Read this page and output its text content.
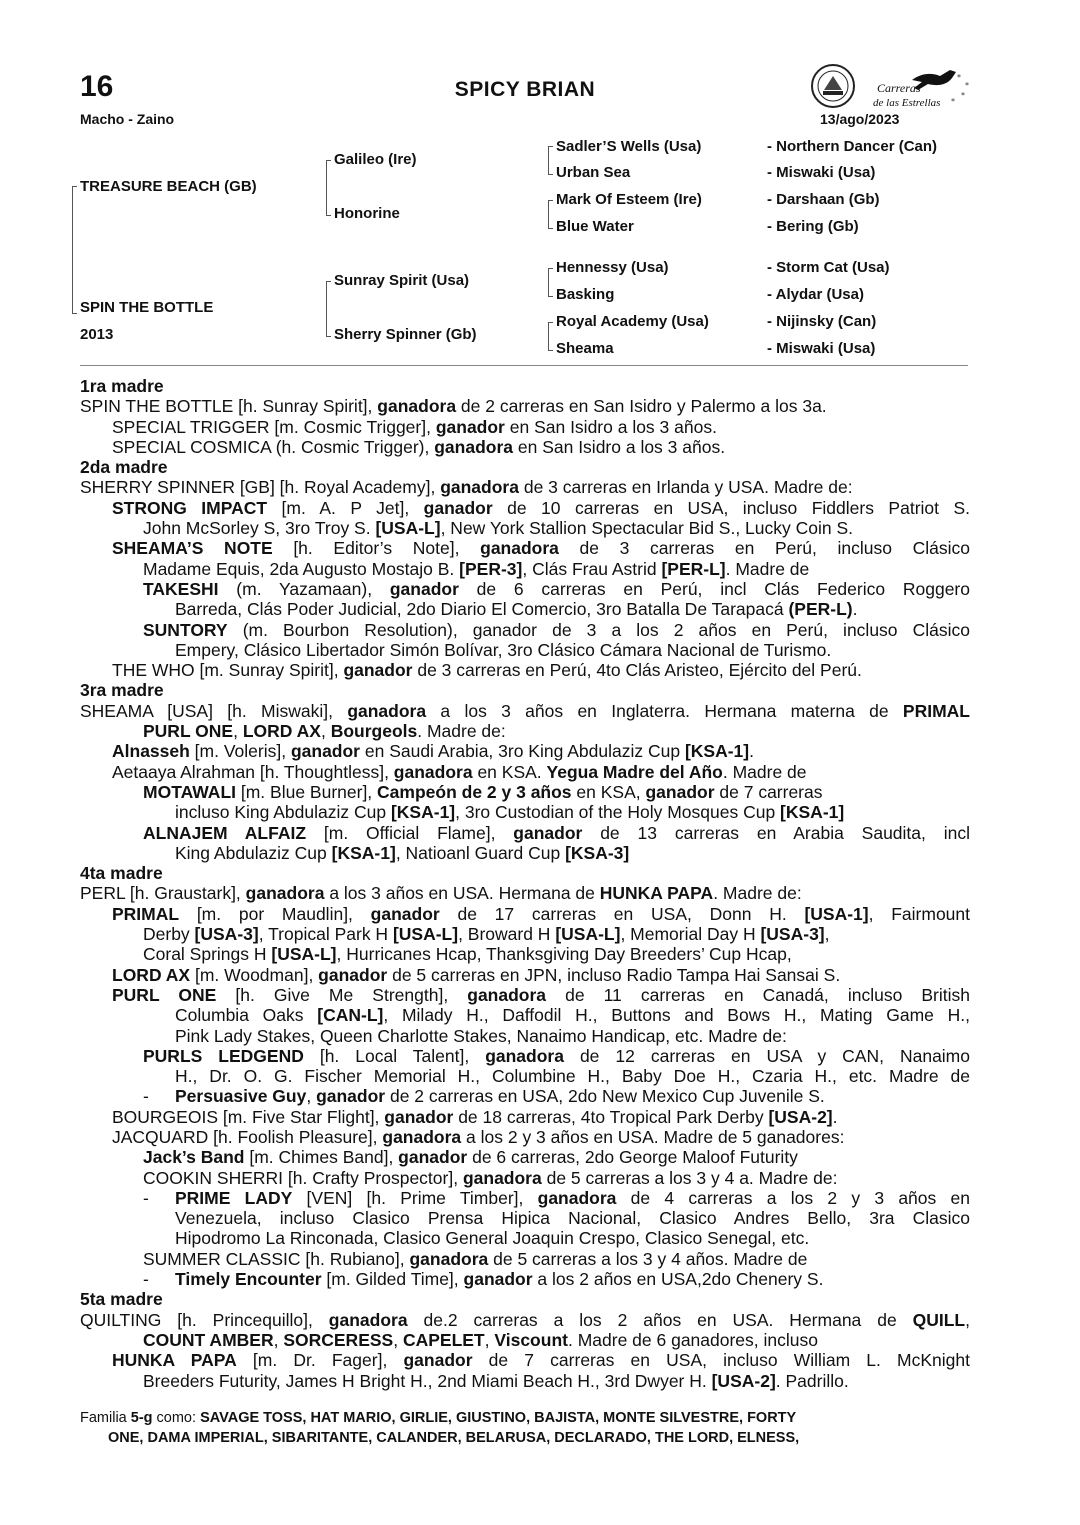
16	SPICY BRIAN
Macho - Zaino	13/ago/2023
Carreras
de las Estrellas
*
*
*
*
TREASURE BEACH (GB)
SPIN THE BOTTLE
2013
Galileo (Ire)
Honorine
Sunray Spirit (Usa)
Sherry Spinner (Gb)
Sadler’S Wells (Usa)
Urban Sea
Mark Of Esteem (Ire)
Blue Water
Hennessy (Usa)
Basking
Royal Academy (Usa)
Sheama
- Northern Dancer (Can)
- Miswaki (Usa)
- Darshaan (Gb)
- Bering (Gb)
- Storm Cat (Usa)
- Alydar (Usa)
- Nijinsky (Can)
- Miswaki (Usa)

1ra madre

SPIN THE BOTTLE [h. Sunray Spirit], ganadora de 2 carreras en San Isidro y Palermo a los 3a.

SPECIAL TRIGGER [m. Cosmic Trigger], ganador en San Isidro a los 3 años.

SPECIAL COSMICA (h. Cosmic Trigger), ganadora en San Isidro a los 3 años.

2da madre

SHERRY SPINNER [GB] [h. Royal Academy], ganadora de 3 carreras en Irlanda y USA. Madre de:

STRONG IMPACT [m. A. P Jet], ganador de 10 carreras en USA, incluso Fiddlers Patriot S.

John McSorley S, 3ro Troy S. [USA-L], New York Stallion Spectacular Bid S., Lucky Coin S.

SHEAMA’S NOTE [h. Editor’s Note], ganadora de 3 carreras en Perú, incluso Clásico

Madame Equis, 2da Augusto Mostajo B. [PER-3], Clás Frau Astrid [PER-L]. Madre de

TAKESHI (m. Yazamaan), ganador de 6 carreras en Perú, incl Clás Federico Roggero

Barreda, Clás Poder Judicial, 2do Diario El Comercio, 3ro Batalla De Tarapacá (PER-L).

SUNTORY (m. Bourbon Resolution), ganador de 3 a los 2 años en Perú, incluso Clásico

Empery, Clásico Libertador Simón Bolívar, 3ro Clásico Cámara Nacional de Turismo.

THE WHO [m. Sunray Spirit], ganador de 3 carreras en Perú, 4to Clás Aristeo, Ejército del Perú.

3ra madre

SHEAMA [USA] [h. Miswaki], ganadora a los 3 años en Inglaterra. Hermana materna de PRIMAL

PURL ONE, LORD AX, Bourgeols. Madre de:

Alnasseh [m. Voleris], ganador en Saudi Arabia, 3ro King Abdulaziz Cup [KSA-1].

Aetaaya Alrahman [h. Thoughtless], ganadora en KSA. Yegua Madre del Año. Madre de

MOTAWALI [m. Blue Burner], Campeón de 2 y 3 años en KSA, ganador de 7 carreras

incluso King Abdulaziz Cup [KSA-1], 3ro Custodian of the Holy Mosques Cup [KSA-1]

ALNAJEM ALFAIZ [m. Official Flame], ganador de 13 carreras en Arabia Saudita, incl

King Abdulaziz Cup [KSA-1], Natioanl Guard Cup [KSA-3]

4ta madre

PERL [h. Graustark], ganadora a los 3 años en USA. Hermana de HUNKA PAPA. Madre de:

PRIMAL [m. por Maudlin], ganador de 17 carreras en USA, Donn H. [USA-1], Fairmount

Derby [USA-3], Tropical Park H [USA-L], Broward H [USA-L], Memorial Day H [USA-3],

Coral Springs H [USA-L], Hurricanes Hcap, Thanksgiving Day Breeders’ Cup Hcap,

LORD AX [m. Woodman], ganador de 5 carreras en JPN, incluso Radio Tampa Hai Sansai S.

PURL ONE [h. Give Me Strength], ganadora de 11 carreras en Canadá, incluso British

Columbia Oaks [CAN-L], Milady H., Daffodil H., Buttons and Bows H., Mating Game H.,

Pink Lady Stakes, Queen Charlotte Stakes, Nanaimo Handicap, etc. Madre de:

PURLS LEDGEND [h. Local Talent], ganadora de 12 carreras en USA y CAN, Nanaimo

H., Dr. O. G. Fischer Memorial H., Columbine H., Baby Doe H., Czaria H., etc. Madre de

- Persuasive Guy, ganador de 2 carreras en USA, 2do New Mexico Cup Juvenile S.

BOURGEOIS [m. Five Star Flight], ganador de 18 carreras, 4to Tropical Park Derby [USA-2].

JACQUARD [h. Foolish Pleasure], ganadora a los 2 y 3 años en USA. Madre de 5 ganadores:

Jack’s Band [m. Chimes Band], ganador de 6 carreras, 2do George Maloof Futurity

COOKIN SHERRI [h. Crafty Prospector], ganadora de 5 carreras a los 3 y 4 a. Madre de:

- PRIME LADY [VEN] [h. Prime Timber], ganadora de 4 carreras a los 2 y 3 años en

Venezuela, incluso Clasico Prensa Hipica Nacional, Clasico Andres Bello, 3ra Clasico

Hipodromo La Rinconada, Clasico General Joaquin Crespo, Clasico Senegal, etc.

SUMMER CLASSIC [h. Rubiano], ganadora de 5 carreras a los 3 y 4 años. Madre de

- Timely Encounter [m. Gilded Time], ganador a los 2 años en USA,2do Chenery S.

5ta madre

QUILTING [h. Princequillo], ganadora de.2 carreras a los 2 años en USA. Hermana de QUILL,

COUNT AMBER, SORCERESS, CAPELET, Viscount. Madre de 6 ganadores, incluso

HUNKA PAPA [m. Dr. Fager], ganador de 7 carreras en USA, incluso William L. McKnight

Breeders Futurity, James H Bright H., 2nd Miami Beach H., 3rd Dwyer H. [USA-2]. Padrillo.

Familia 5-g como: SAVAGE TOSS, HAT MARIO, GIRLIE, GIUSTINO, BAJISTA, MONTE SILVESTRE, FORTY

ONE, DAMA IMPERIAL, SIBARITANTE, CALANDER, BELARUSA, DECLARADO, THE LORD, ELNESS,
